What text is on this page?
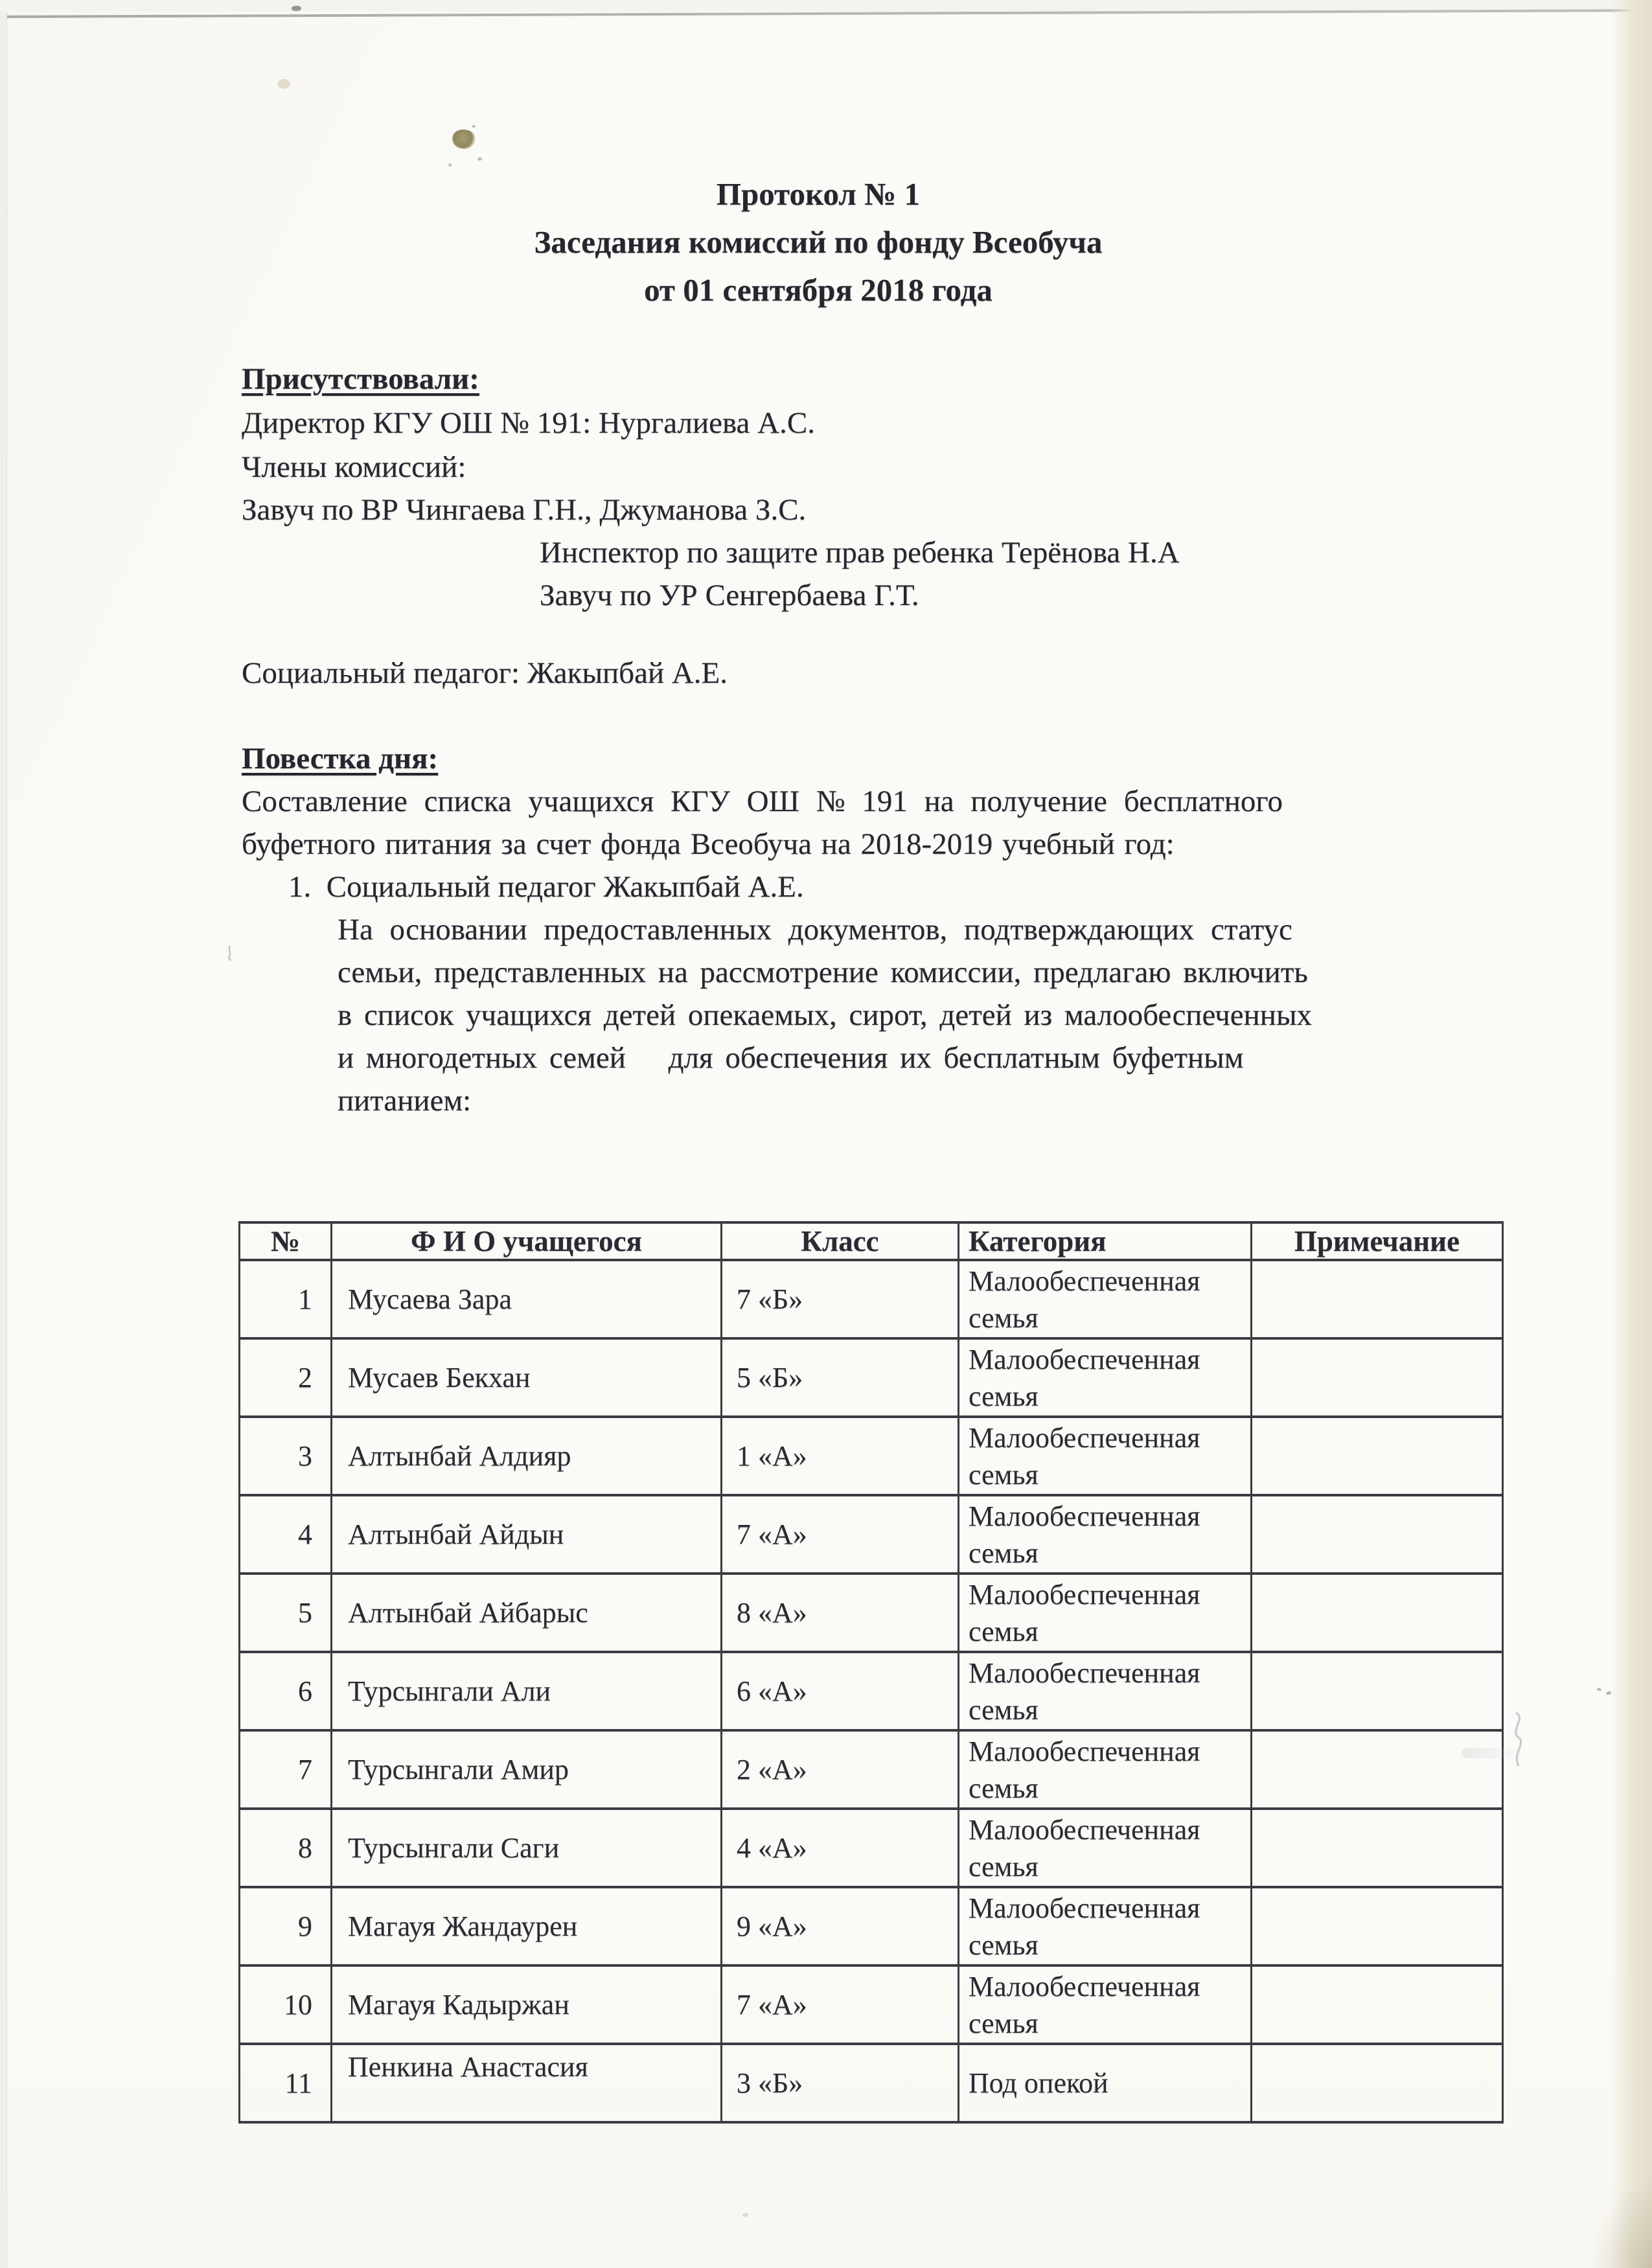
Протокол № 1
Заседания комиссий по фонду Всеобуча
от 01 сентября 2018 года
Присутствовали:
Директор КГУ ОШ № 191: Нургалиева А.С.
Члены комиссий:
Завуч по ВР Чингаева Г.Н., Джуманова З.С.
Инспектор по защите прав ребенка Терёнова Н.А
Завуч по УР Сенгербаева Г.Т.
Социальный педагог: Жакыпбай А.Е.
Повестка дня:
Составление списка учащихся КГУ ОШ № 191 на получение бесплатного
буфетного питания за счет фонда Всеобуча на 2018-2019 учебный год:
1.  Социальный педагог Жакыпбай А.Е.
На основании предоставленных документов, подтверждающих статус
семьи, представленных на рассмотрение комиссии, предлагаю включить
в список учащихся детей опекаемых, сирот, детей из малообеспеченных
и многодетных семей  для обеспечения их бесплатным буфетным
питанием:
№	Ф И О учащегося	Класс	Категория	Примечание
1	Мусаева Зара	7 «Б»	Малообеспеченная семья	
2	Мусаев Бекхан	5 «Б»	Малообеспеченная семья	
3	Алтынбай Алдияр	1 «А»	Малообеспеченная семья	
4	Алтынбай Айдын	7 «А»	Малообеспеченная семья	
5	Алтынбай Айбарыс	8 «А»	Малообеспеченная семья	
6	Турсынгали Али	6 «А»	Малообеспеченная семья	
7	Турсынгали Амир	2 «А»	Малообеспеченная семья	
8	Турсынгали Саги	4 «А»	Малообеспеченная семья	
9	Магауя Жандаурен	9 «А»	Малообеспеченная семья	
10	Магауя Кадыржан	7 «А»	Малообеспеченная семья	
11	Пенкина Анастасия	3 «Б»	Под опекой	
